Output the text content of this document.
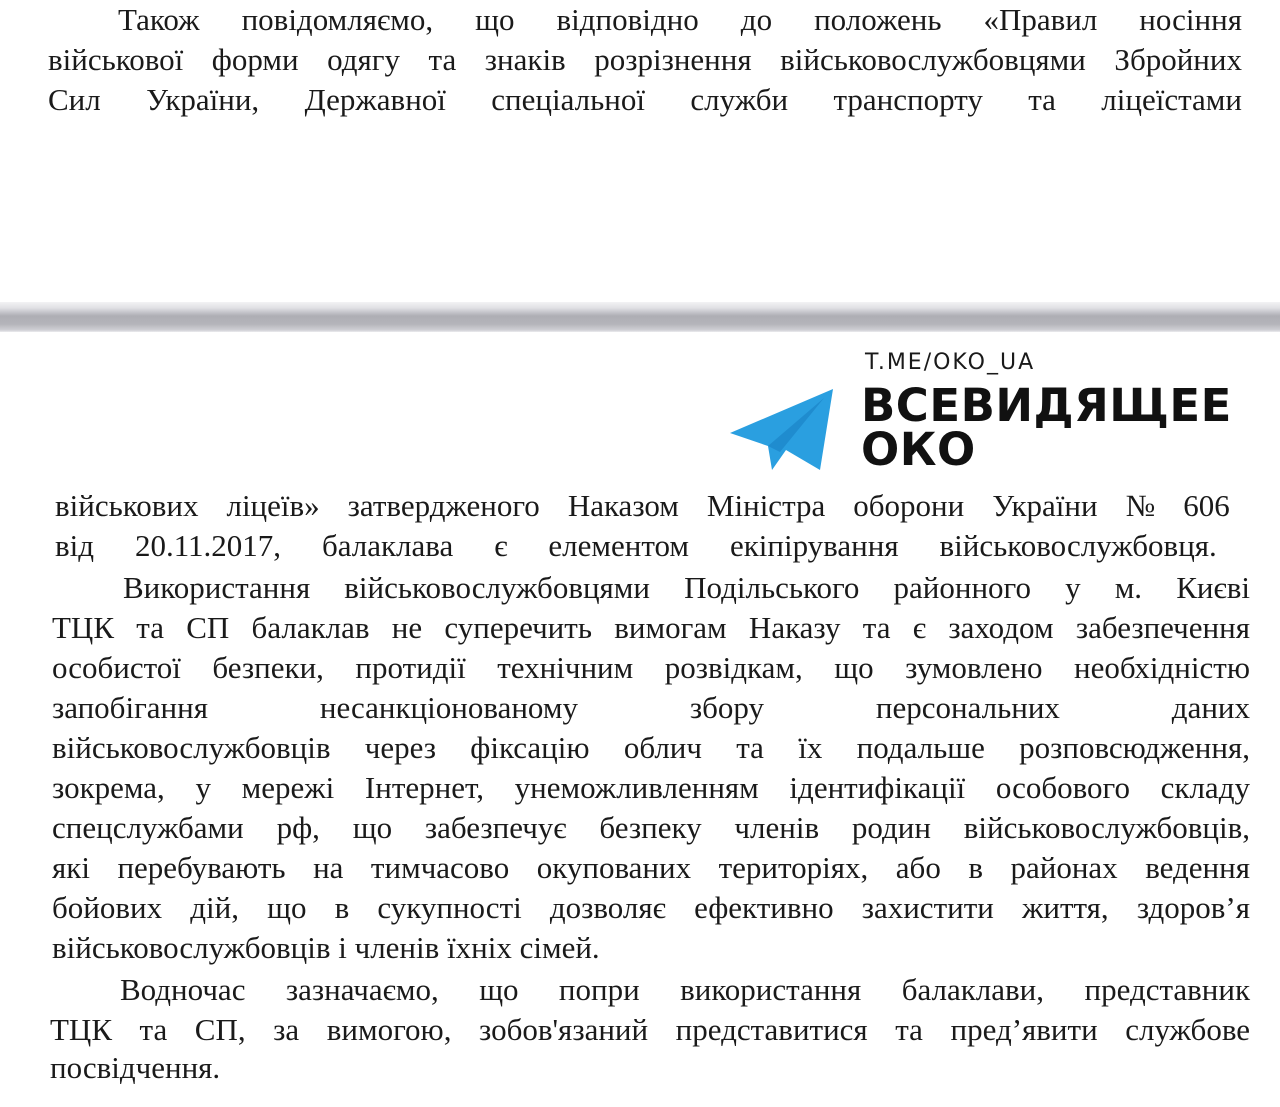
T.ME/OKO_UA
ВСЕВИДЯЩЕЕ
ОКО
Також повідомляємо, що відповідно до положень «Правил носіння
військової форми одягу та знаків розрізнення військовослужбовцями Збройних
Сил України, Державної спеціальної служби транспорту та ліцеїстами
військових ліцеїв» затвердженого Наказом Міністра оборони України № 606
від 20.11.2017, балаклава є елементом екіпірування військовослужбовця.
Використання військовослужбовцями Подільського районного у м. Києві
ТЦК та СП балаклав не суперечить вимогам Наказу та є заходом забезпечення
особистої безпеки, протидії технічним розвідкам, що зумовлено необхідністю
запобігання	несанкціонованому	збору	персональних	даних
військовослужбовців через фіксацію облич та їх подальше розповсюдження,
зокрема, у мережі Інтернет, унеможливленням ідентифікації особового складу
спецслужбами рф, що забезпечує безпеку членів родин військовослужбовців,
які перебувають на тимчасово окупованих територіях, або в районах ведення
бойових дій, що в сукупності дозволяє ефективно захистити життя, здоров’я
військовослужбовців і членів їхніх сімей.
Водночас зазначаємо, що попри використання балаклави, представник
ТЦК та СП, за вимогою, зобов'язаний представитися та пред’явити службове
посвідчення.
